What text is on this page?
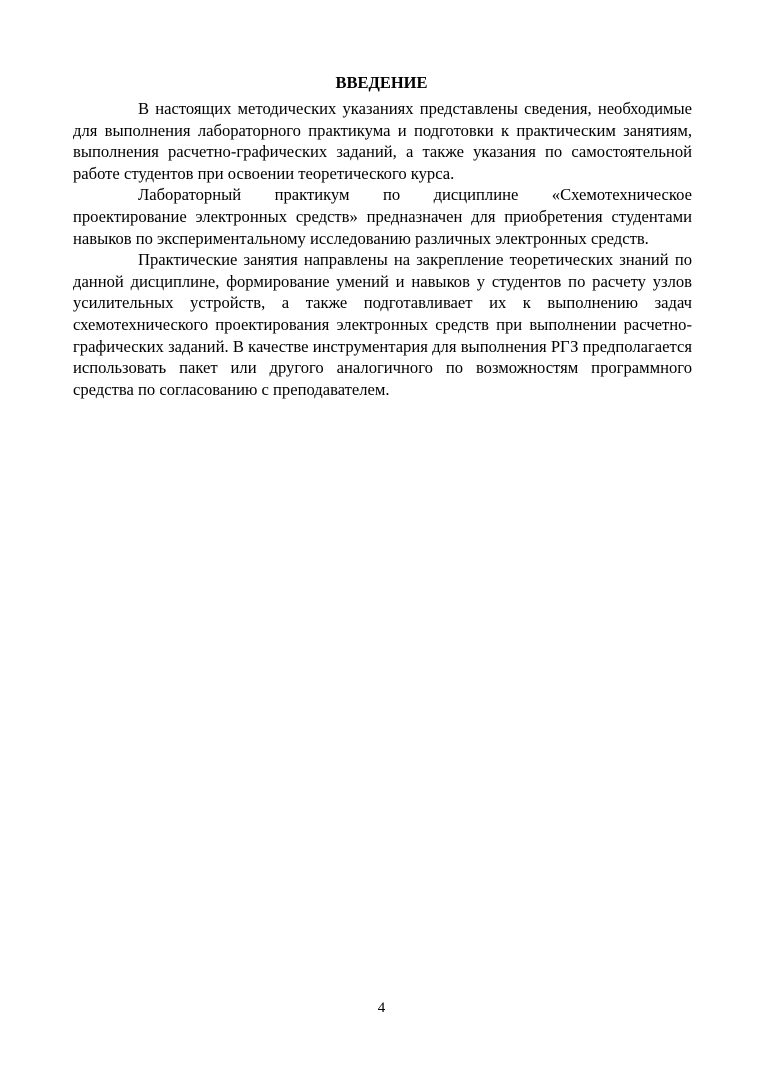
ВВЕДЕНИЕ

В настоящих методических указаниях представлены сведения, необходимые для выполнения лабораторного практикума и подготовки к практическим занятиям, выполнения расчетно-графических заданий, а также указания по самостоятельной работе студентов при освоении теоретического курса.

Лабораторный практикум по дисциплине «Схемотехническое проектирование электронных средств» предназначен для приобретения студентами навыков по экспериментальному исследованию различных электронных средств.

Практические занятия направлены на закрепление теоретических знаний по данной дисциплине, формирование умений и навыков у студентов по расчету узлов усилительных устройств, а также подготавливает их к выполнению задач схемотехнического проектирования электронных средств при выполнении расчетно-графических заданий. В качестве инструментария для выполнения РГЗ предполагается использовать пакет или другого аналогичного по возможностям программного средства по согласованию с преподавателем.

4
